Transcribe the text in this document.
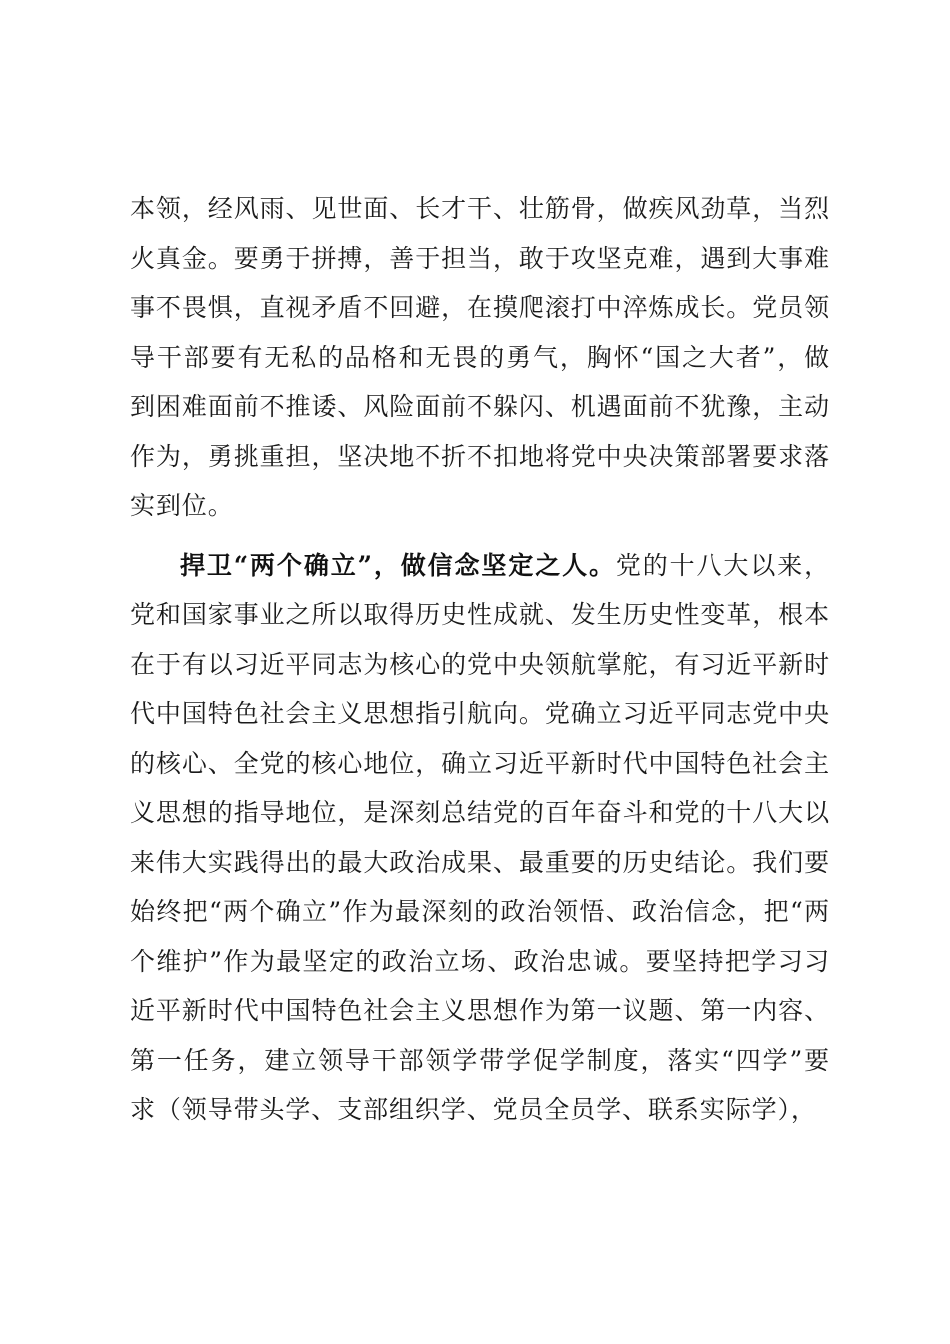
本领，经风雨、见世面、长才干、壮筋骨，做疾风劲草，当烈火真金。要勇于拼搏，善于担当，敢于攻坚克难，遇到大事难事不畏惧，直视矛盾不回避，在摸爬滚打中淬炼成长。党员领导干部要有无私的品格和无畏的勇气，胸怀“国之大者”，做到困难面前不推诿、风险面前不躲闪、机遇面前不犹豫，主动作为，勇挑重担，坚决地不折不扣地将党中央决策部署要求落实到位。

捍卫“两个确立”，做信念坚定之人。党的十八大以来，党和国家事业之所以取得历史性成就、发生历史性变革，根本在于有以习近平同志为核心的党中央领航掌舵，有习近平新时代中国特色社会主义思想指引航向。党确立习近平同志党中央的核心、全党的核心地位，确立习近平新时代中国特色社会主义思想的指导地位，是深刻总结党的百年奋斗和党的十八大以来伟大实践得出的最大政治成果、最重要的历史结论。我们要始终把“两个确立”作为最深刻的政治领悟、政治信念，把“两个维护”作为最坚定的政治立场、政治忠诚。要坚持把学习习近平新时代中国特色社会主义思想作为第一议题、第一内容、第一任务，建立领导干部领学带学促学制度，落实“四学”要求（领导带头学、支部组织学、党员全员学、联系实际学），
